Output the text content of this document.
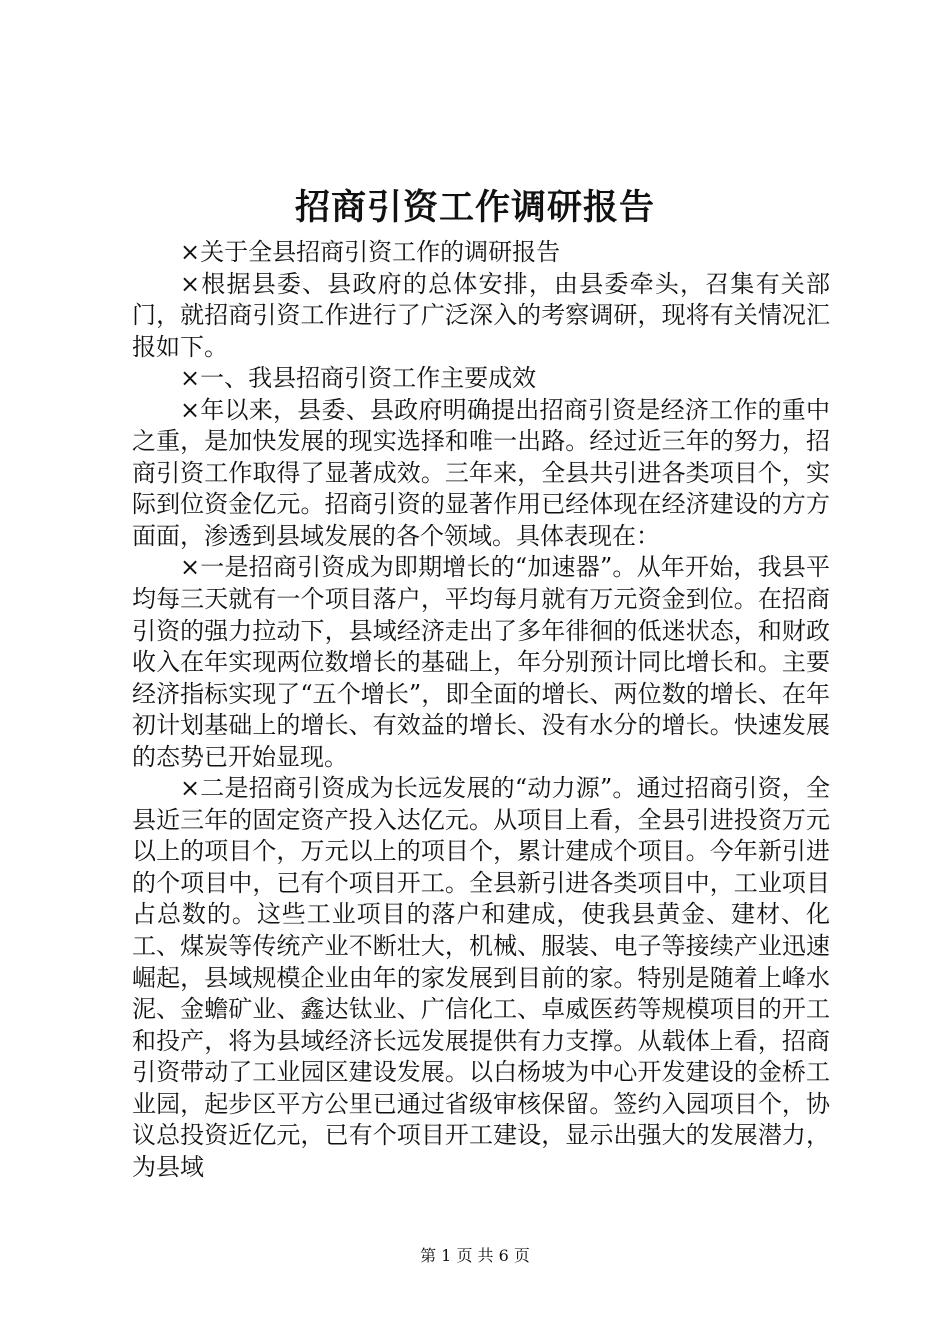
招商引资工作调研报告

×关于全县招商引资工作的调研报告

×根据县委、县政府的总体安排，由县委牵头，召集有关部门，就招商引资工作进行了广泛深入的考察调研，现将有关情况汇报如下。

×一、我县招商引资工作主要成效

×年以来，县委、县政府明确提出招商引资是经济工作的重中之重，是加快发展的现实选择和唯一出路。经过近三年的努力，招商引资工作取得了显著成效。三年来，全县共引进各类项目个，实际到位资金亿元。招商引资的显著作用已经体现在经济建设的方方面面，渗透到县域发展的各个领域。具体表现在：

×一是招商引资成为即期增长的“加速器”。从年开始，我县平均每三天就有一个项目落户，平均每月就有万元资金到位。在招商引资的强力拉动下，县域经济走出了多年徘徊的低迷状态，和财政收入在年实现两位数增长的基础上，年分别预计同比增长和。主要经济指标实现了“五个增长”，即全面的增长、两位数的增长、在年初计划基础上的增长、有效益的增长、没有水分的增长。快速发展的态势已开始显现。

×二是招商引资成为长远发展的“动力源”。通过招商引资，全县近三年的固定资产投入达亿元。从项目上看，全县引进投资万元以上的项目个，万元以上的项目个，累计建成个项目。今年新引进的个项目中，已有个项目开工。全县新引进各类项目中，工业项目占总数的。这些工业项目的落户和建成，使我县黄金、建材、化工、煤炭等传统产业不断壮大，机械、服装、电子等接续产业迅速崛起，县域规模企业由年的家发展到目前的家。特别是随着上峰水泥、金蟾矿业、鑫达钛业、广信化工、卓威医药等规模项目的开工和投产，将为县域经济长远发展提供有力支撑。从载体上看，招商引资带动了工业园区建设发展。以白杨坡为中心开发建设的金桥工业园，起步区平方公里已通过省级审核保留。签约入园项目个，协议总投资近亿元，已有个项目开工建设，显示出强大的发展潜力，为县域

第 1 页 共 6 页
